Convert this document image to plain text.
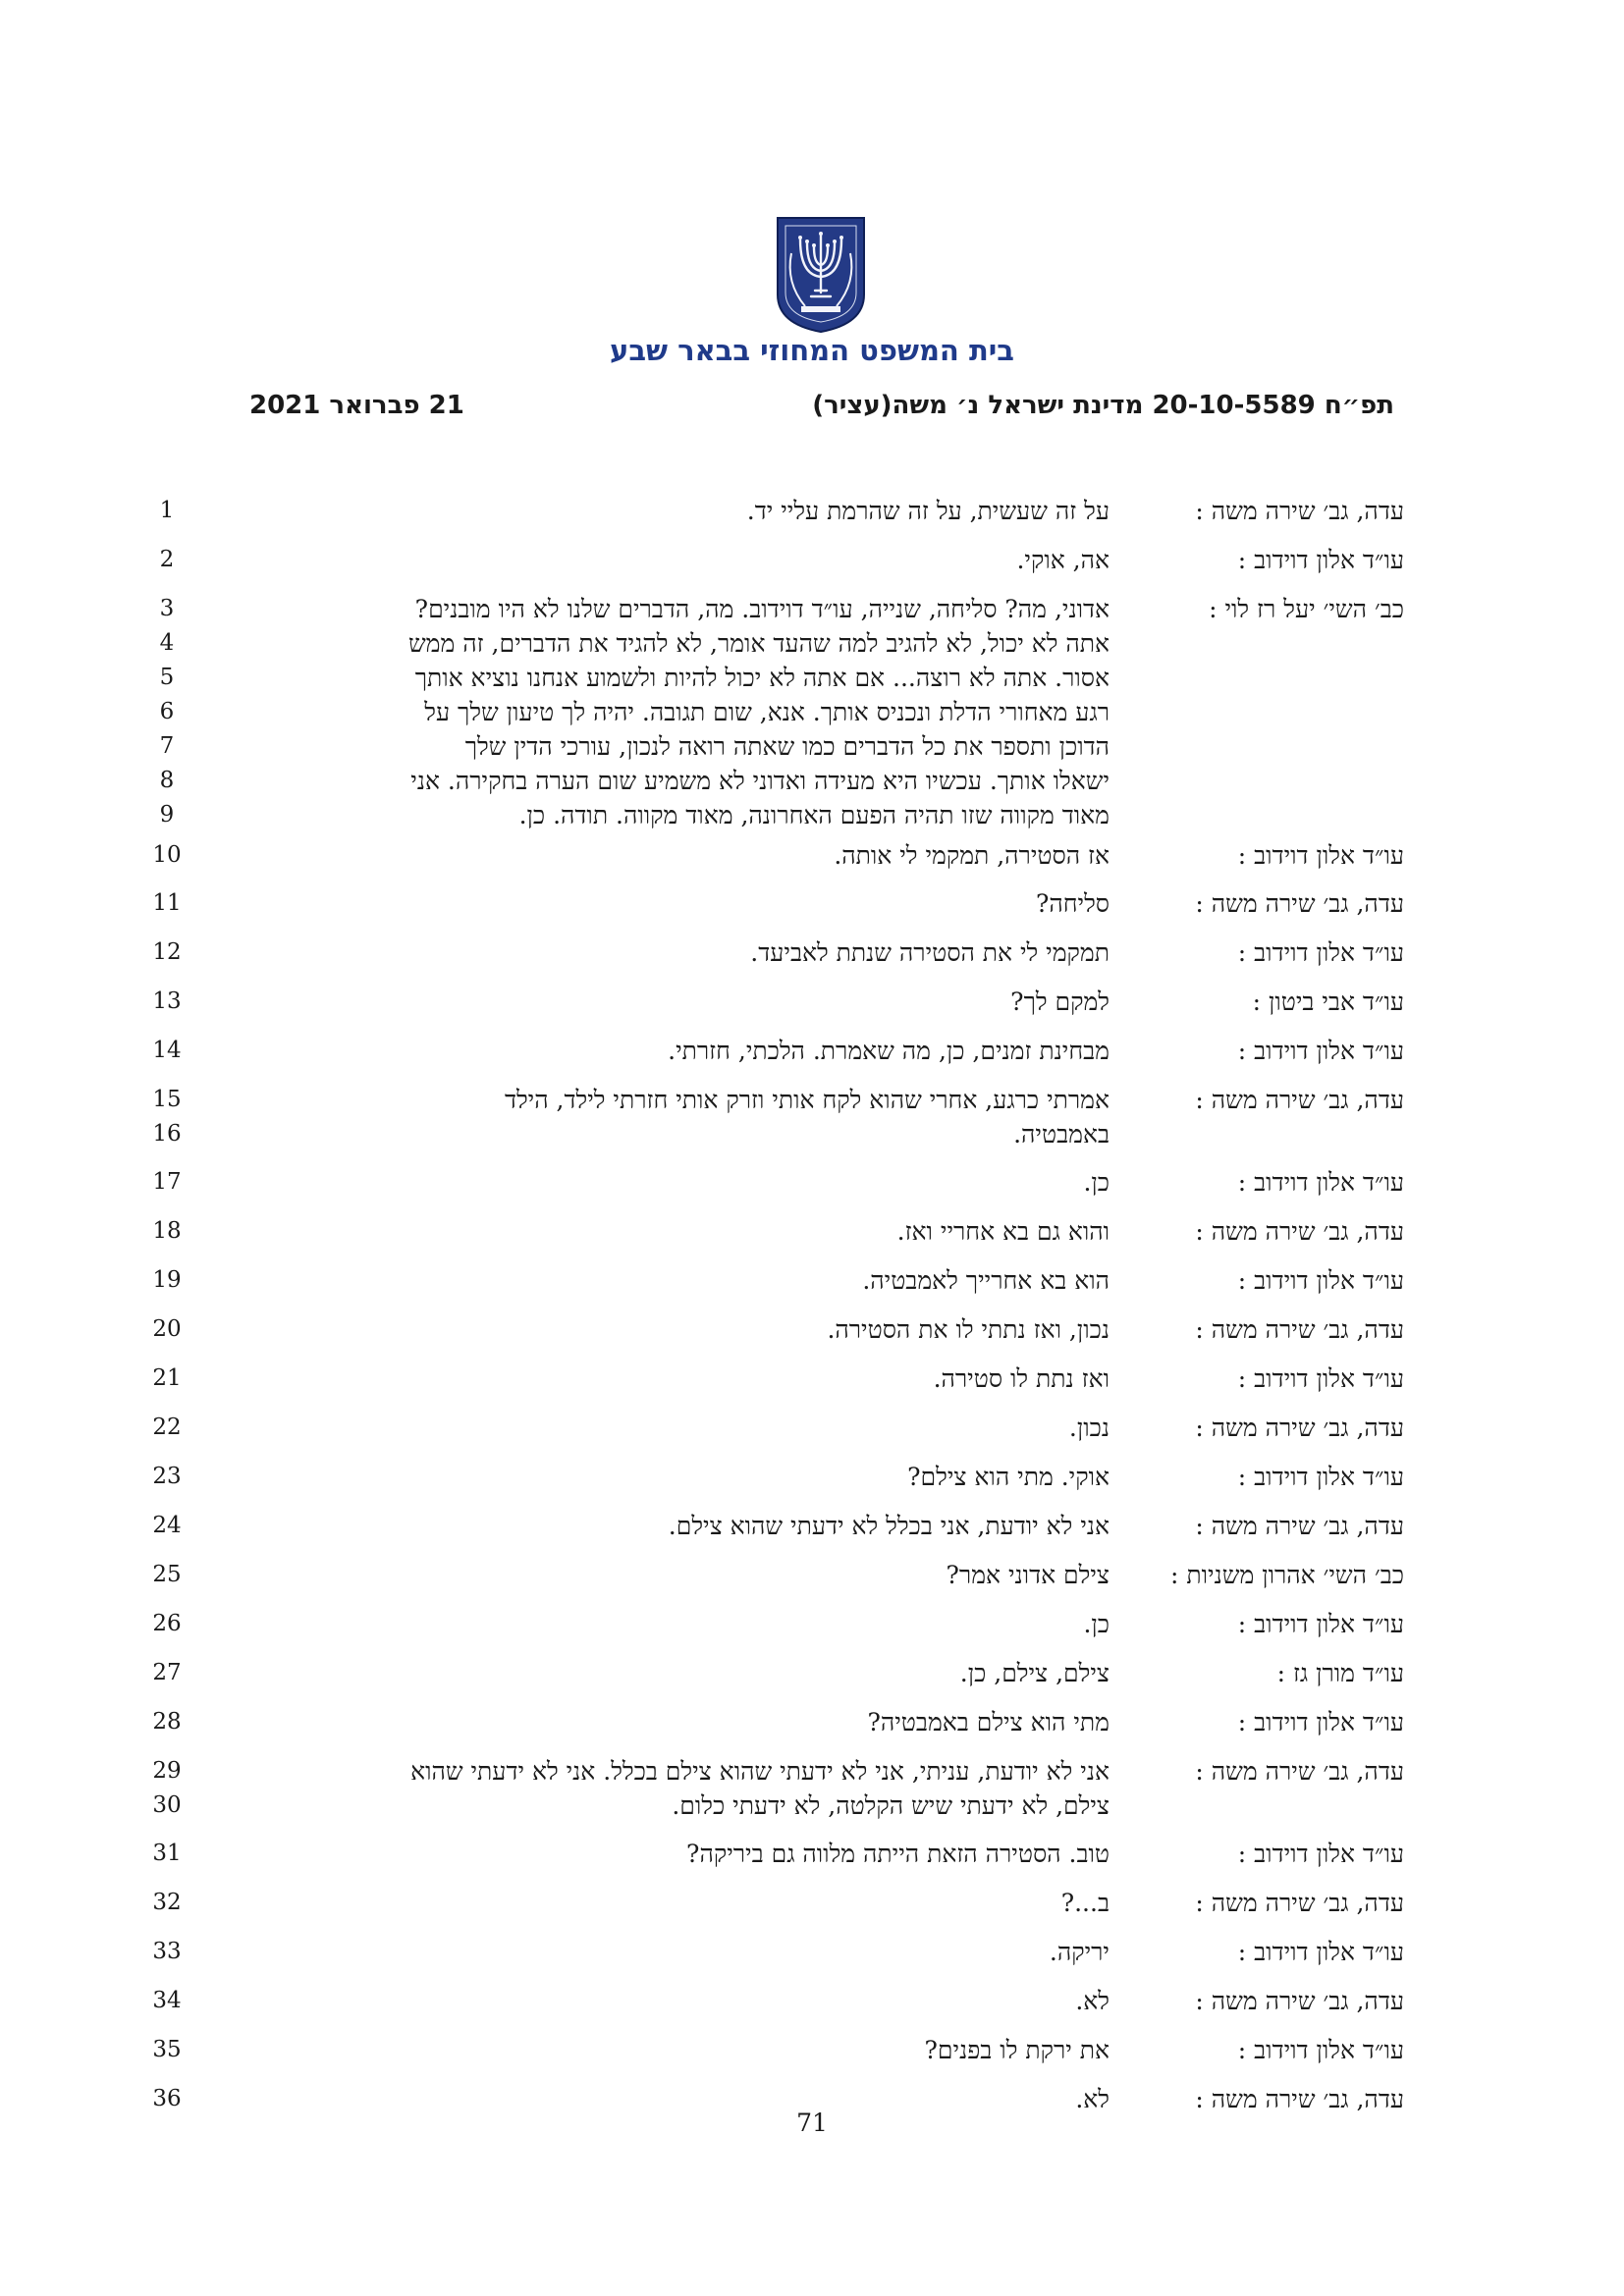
בית המשפט המחוזי בבאר שבע
תפ״ח 20-10-5589 מדינת ישראל נ׳ משה(עציר)
21 פברואר 2021
עדה, גב׳ שירה משה :
על זה שעשית, על זה שהרמת עליי יד.
1
עו״ד אלון דוידוב :
אה, אוקי.
2
כב׳ השי׳ יעל רז לוי :
אדוני, מה? סליחה, שנייה, עו״ד דוידוב. מה, הדברים שלנו לא היו מובנים?
אתה לא יכול, לא להגיב למה שהעד אומר, לא להגיד את הדברים, זה ממש
אסור. אתה לא רוצה... אם אתה לא יכול להיות ולשמוע אנחנו נוציא אותך
רגע מאחורי הדלת ונכניס אותך. אנא, שום תגובה. יהיה לך טיעון שלך על
הדוכן ותספר את כל הדברים כמו שאתה רואה לנכון, עורכי הדין שלך
ישאלו אותך. עכשיו היא מעידה ואדוני לא משמיע שום הערה בחקירה. אני
מאוד מקווה שזו תהיה הפעם האחרונה, מאוד מקווה. תודה. כן.
3
4
5
6
7
8
9
עו״ד אלון דוידוב :
אז הסטירה, תמקמי לי אותה.
10
עדה, גב׳ שירה משה :
סליחה?
11
עו״ד אלון דוידוב :
תמקמי לי את הסטירה שנתת לאביעד.
12
עו״ד אבי ביטון :
למקם לך?
13
עו״ד אלון דוידוב :
מבחינת זמנים, כן, מה שאמרת. הלכתי, חזרתי.
14
עדה, גב׳ שירה משה :
אמרתי כרגע, אחרי שהוא לקח אותי וזרק אותי חזרתי לילד, הילד
באמבטיה.
15
16
עו״ד אלון דוידוב :
כן.
17
עדה, גב׳ שירה משה :
והוא גם בא אחריי ואז.
18
עו״ד אלון דוידוב :
הוא בא אחרייך לאמבטיה.
19
עדה, גב׳ שירה משה :
נכון, ואז נתתי לו את הסטירה.
20
עו״ד אלון דוידוב :
ואז נתת לו סטירה.
21
עדה, גב׳ שירה משה :
נכון.
22
עו״ד אלון דוידוב :
אוקי. מתי הוא צילם?
23
עדה, גב׳ שירה משה :
אני לא יודעת, אני בכלל לא ידעתי שהוא צילם.
24
כב׳ השי׳ אהרון משניות :
צילם אדוני אמר?
25
עו״ד אלון דוידוב :
כן.
26
עו״ד מורן גז :
צילם, צילם, כן.
27
עו״ד אלון דוידוב :
מתי הוא צילם באמבטיה?
28
עדה, גב׳ שירה משה :
אני לא יודעת, עניתי, אני לא ידעתי שהוא צילם בכלל. אני לא ידעתי שהוא
צילם, לא ידעתי שיש הקלטה, לא ידעתי כלום.
29
30
עו״ד אלון דוידוב :
טוב. הסטירה הזאת הייתה מלווה גם ביריקה?
31
עדה, גב׳ שירה משה :
ב...?
32
עו״ד אלון דוידוב :
יריקה.
33
עדה, גב׳ שירה משה :
לא.
34
עו״ד אלון דוידוב :
את ירקת לו בפנים?
35
עדה, גב׳ שירה משה :
לא.
36
71
